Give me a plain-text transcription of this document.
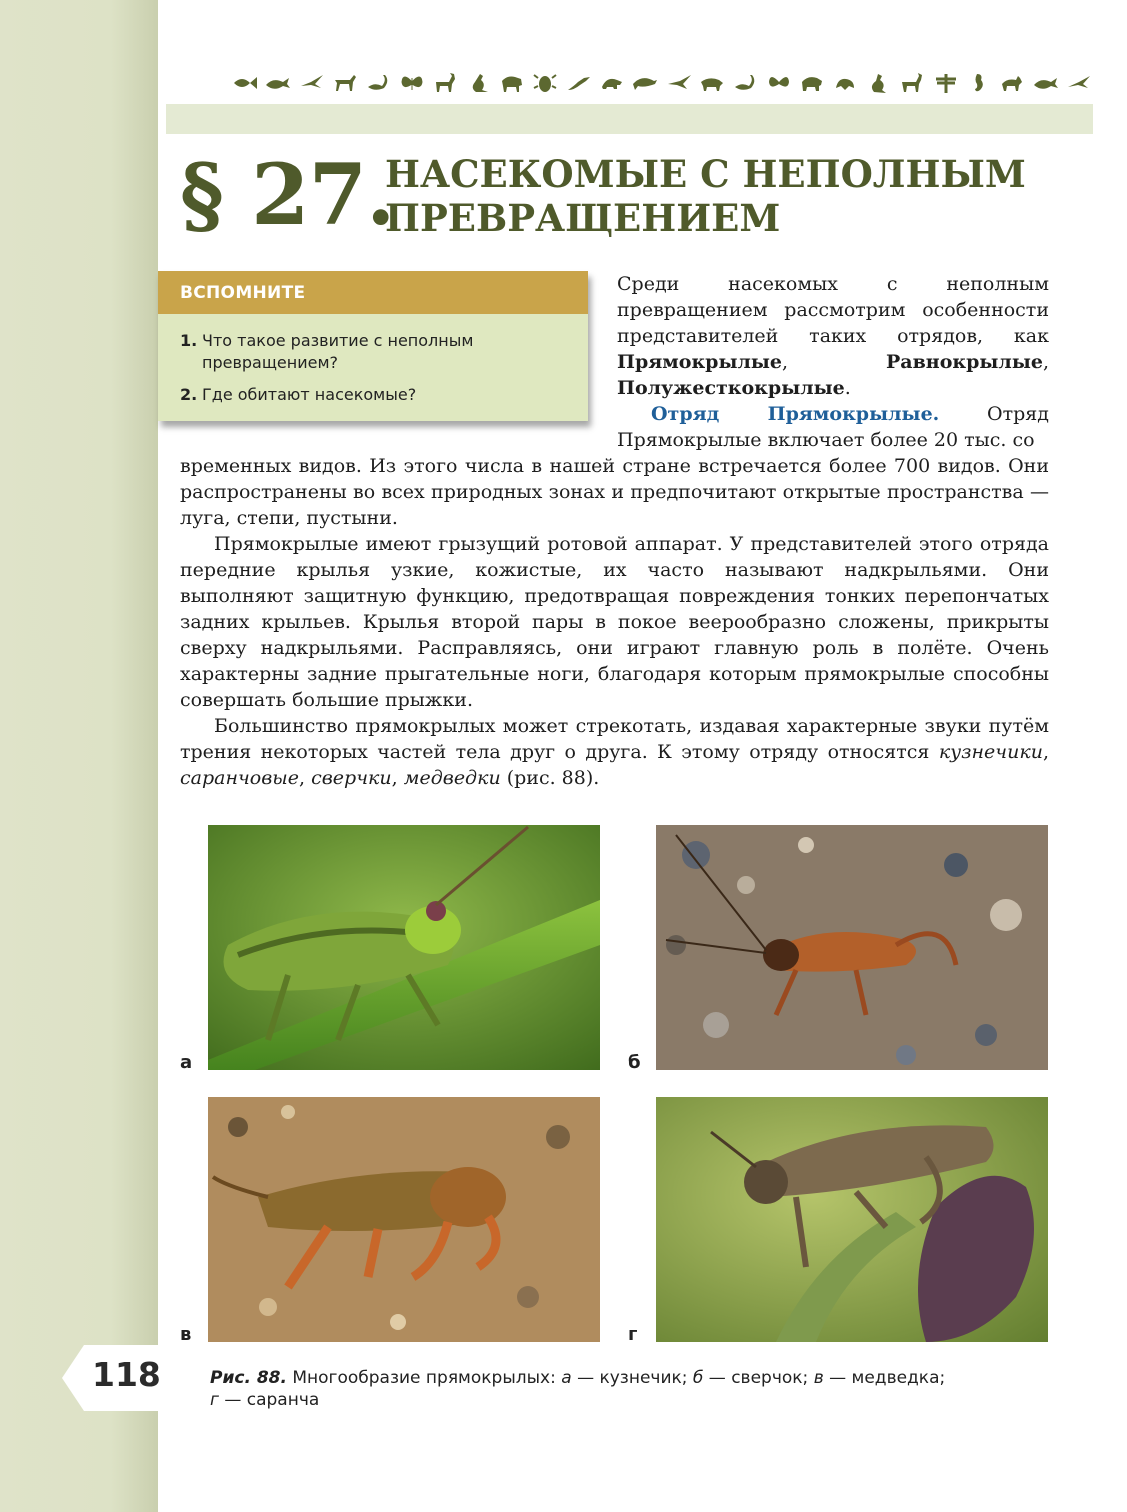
§ 27.
НАСЕКОМЫЕ С НЕПОЛНЫМ ПРЕВРАЩЕНИЕМ
ВСПОМНИТЕ
1. Что такое развитие с неполным превращением?
2. Где обитают насекомые?

Среди насекомых с неполным превращением рассмотрим особенности представителей таких отрядов, как Прямокрылые, Равнокрылые, Полужесткокрылые.

Отряд Прямокрылые. Отряд Прямокрылые включает более 20 тыс. со

временных видов. Из этого числа в нашей стране встречается более 700 видов. Они распространены во всех природных зонах и предпочитают открытые пространства — луга, степи, пустыни.

Прямокрылые имеют грызущий ротовой аппарат. У представителей этого отряда передние крылья узкие, кожистые, их часто называют надкрыльями. Они выполняют защитную функцию, предотвращая повреждения тонких перепончатых задних крыльев. Крылья второй пары в покое веерообразно сложены, прикрыты сверху надкрыльями. Расправляясь, они играют главную роль в полёте. Очень характерны задние прыгательные ноги, благодаря которым прямокрылые способны совершать большие прыжки.

Большинство прямокрылых может стрекотать, издавая характерные звуки путём трения некоторых частей тела друг о друга. К этому отряду относятся кузнечики, саранчовые, сверчки, медведки (рис. 88).

а	б
в	г
118	Рис. 88. Многообразие прямокрылых: а — кузнечик; б — сверчок; в — медведка;
г — саранча
